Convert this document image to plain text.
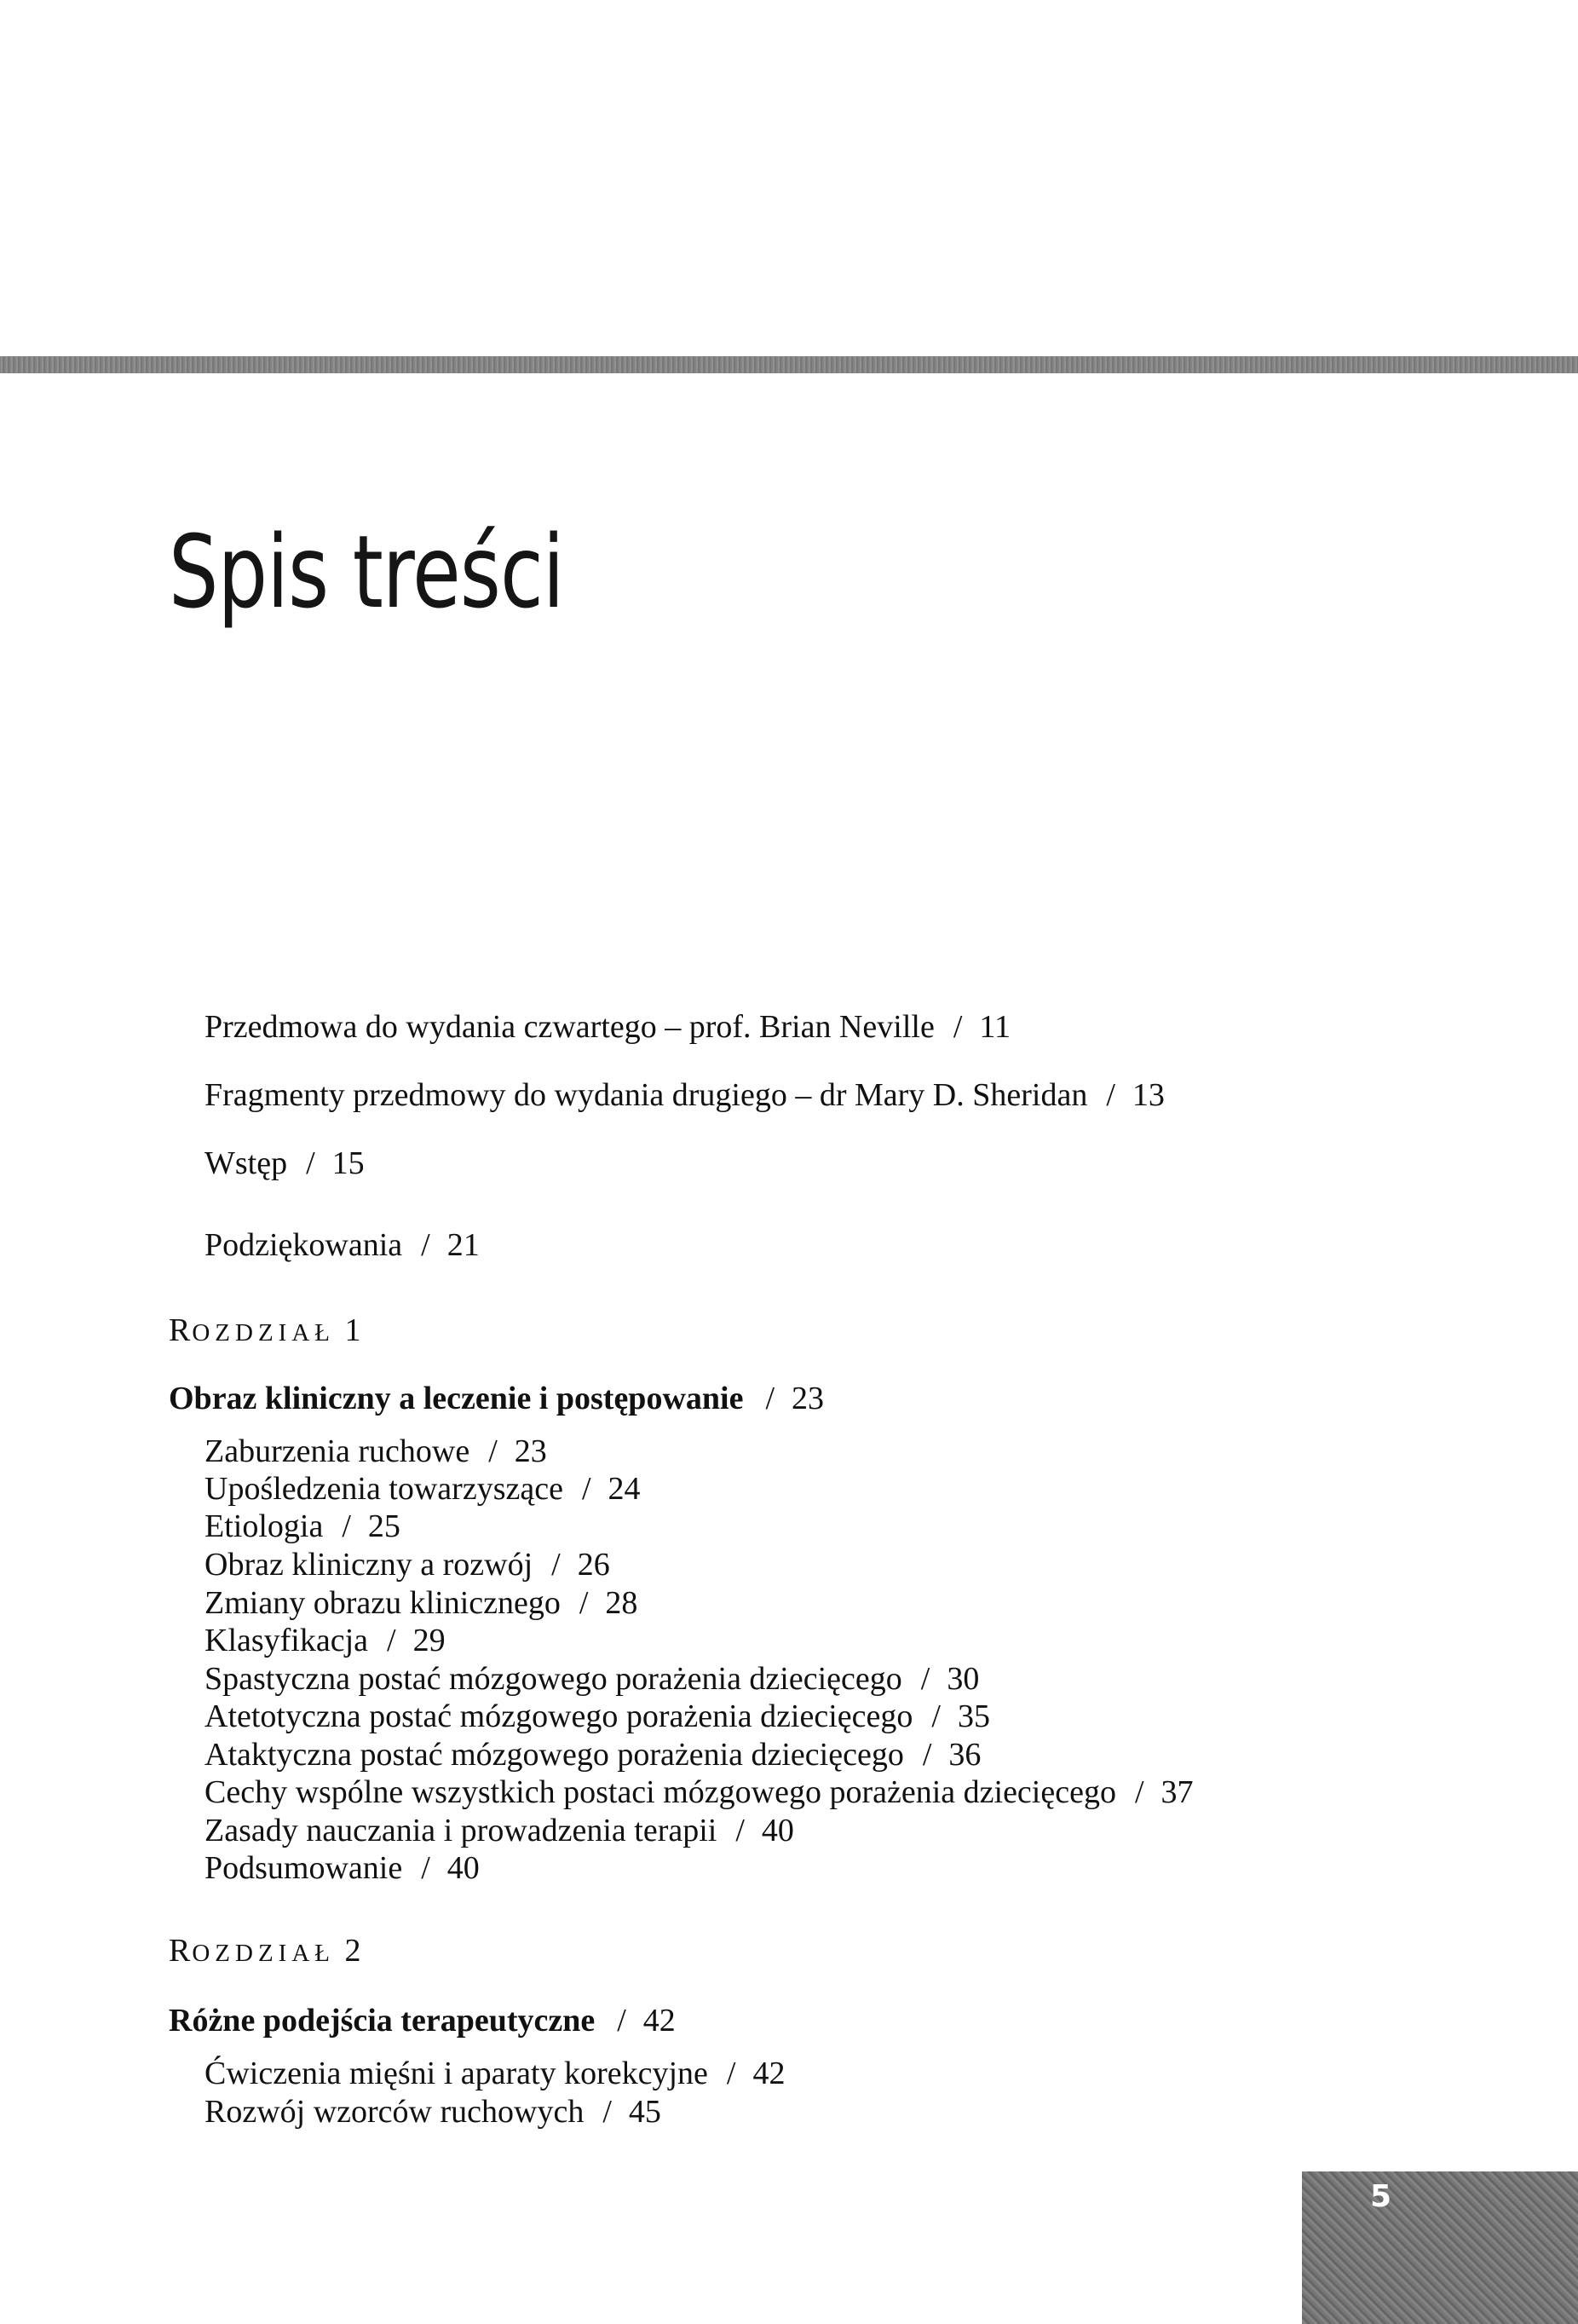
Spis treści
Przedmowa do wydania czwartego – prof. Brian Neville / 11
Fragmenty przedmowy do wydania drugiego – dr Mary D. Sheridan / 13
Wstęp / 15
Podziękowania / 21
ROZDZIAŁ 1
Obraz kliniczny a leczenie i postępowanie / 23
Zaburzenia ruchowe / 23
Upośledzenia towarzyszące / 24
Etiologia / 25
Obraz kliniczny a rozwój / 26
Zmiany obrazu klinicznego / 28
Klasyfikacja / 29
Spastyczna postać mózgowego porażenia dziecięcego / 30
Atetotyczna postać mózgowego porażenia dziecięcego / 35
Ataktyczna postać mózgowego porażenia dziecięcego / 36
Cechy wspólne wszystkich postaci mózgowego porażenia dziecięcego / 37
Zasady nauczania i prowadzenia terapii / 40
Podsumowanie / 40
ROZDZIAŁ 2
Różne podejścia terapeutyczne / 42
Ćwiczenia mięśni i aparaty korekcyjne / 42
Rozwój wzorców ruchowych / 45
5
